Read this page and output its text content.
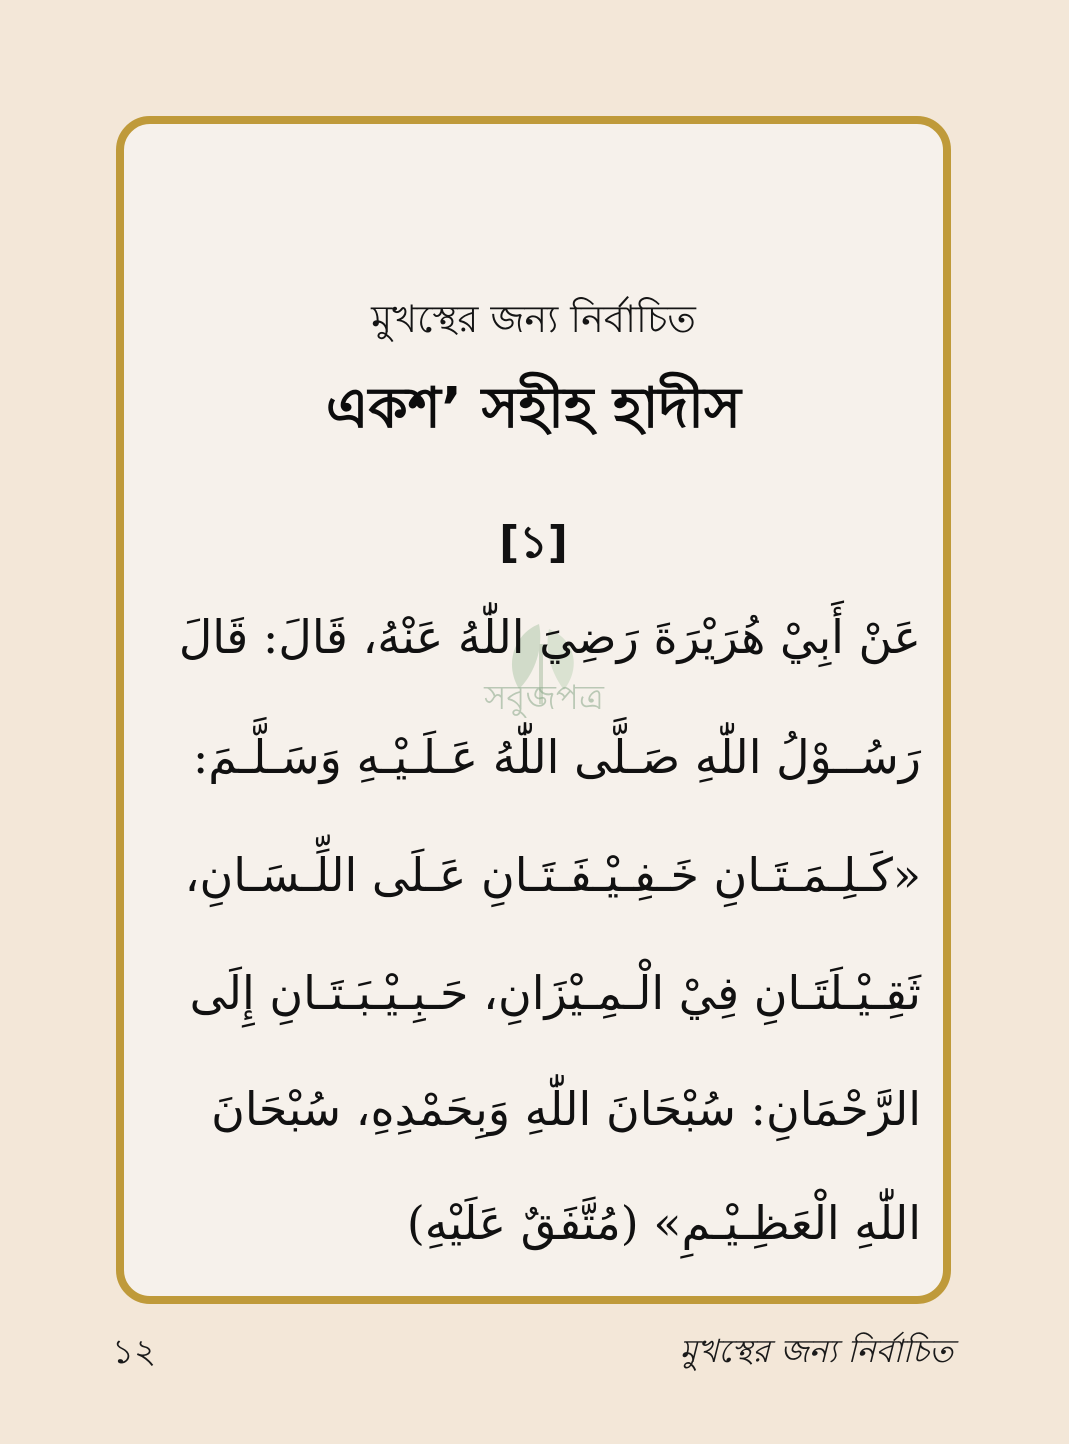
মুখস্থের জন্য নির্বাচিত
একশ’ সহীহ হাদীস
[১]
সবুজপত্র
عَنْ أَبِيْ هُرَيْرَةَ رَضِيَ اللّٰهُ عَنْهُ، قَالَ: قَالَ
رَسُــوْلُ اللّٰهِ صَـلَّى اللّٰهُ عَـلَـيْـهِ وَسَـلَّـمَ:
«كَـلِـمَـتَـانِ خَـفِـيْـفَـتَـانِ عَـلَى اللِّـسَـانِ،
ثَقِـيْـلَتَـانِ فِيْ الْـمِـيْزَانِ، حَـبِـيْـبَـتَـانِ إِلَى
الرَّحْمَانِ: سُبْحَانَ اللّٰهِ وَبِحَمْدِهِ، سُبْحَانَ
اللّٰهِ الْعَظِـيْـمِ» (مُتَّفَقٌ عَلَيْهِ)
১২	মুখস্থের জন্য নির্বাচিত
